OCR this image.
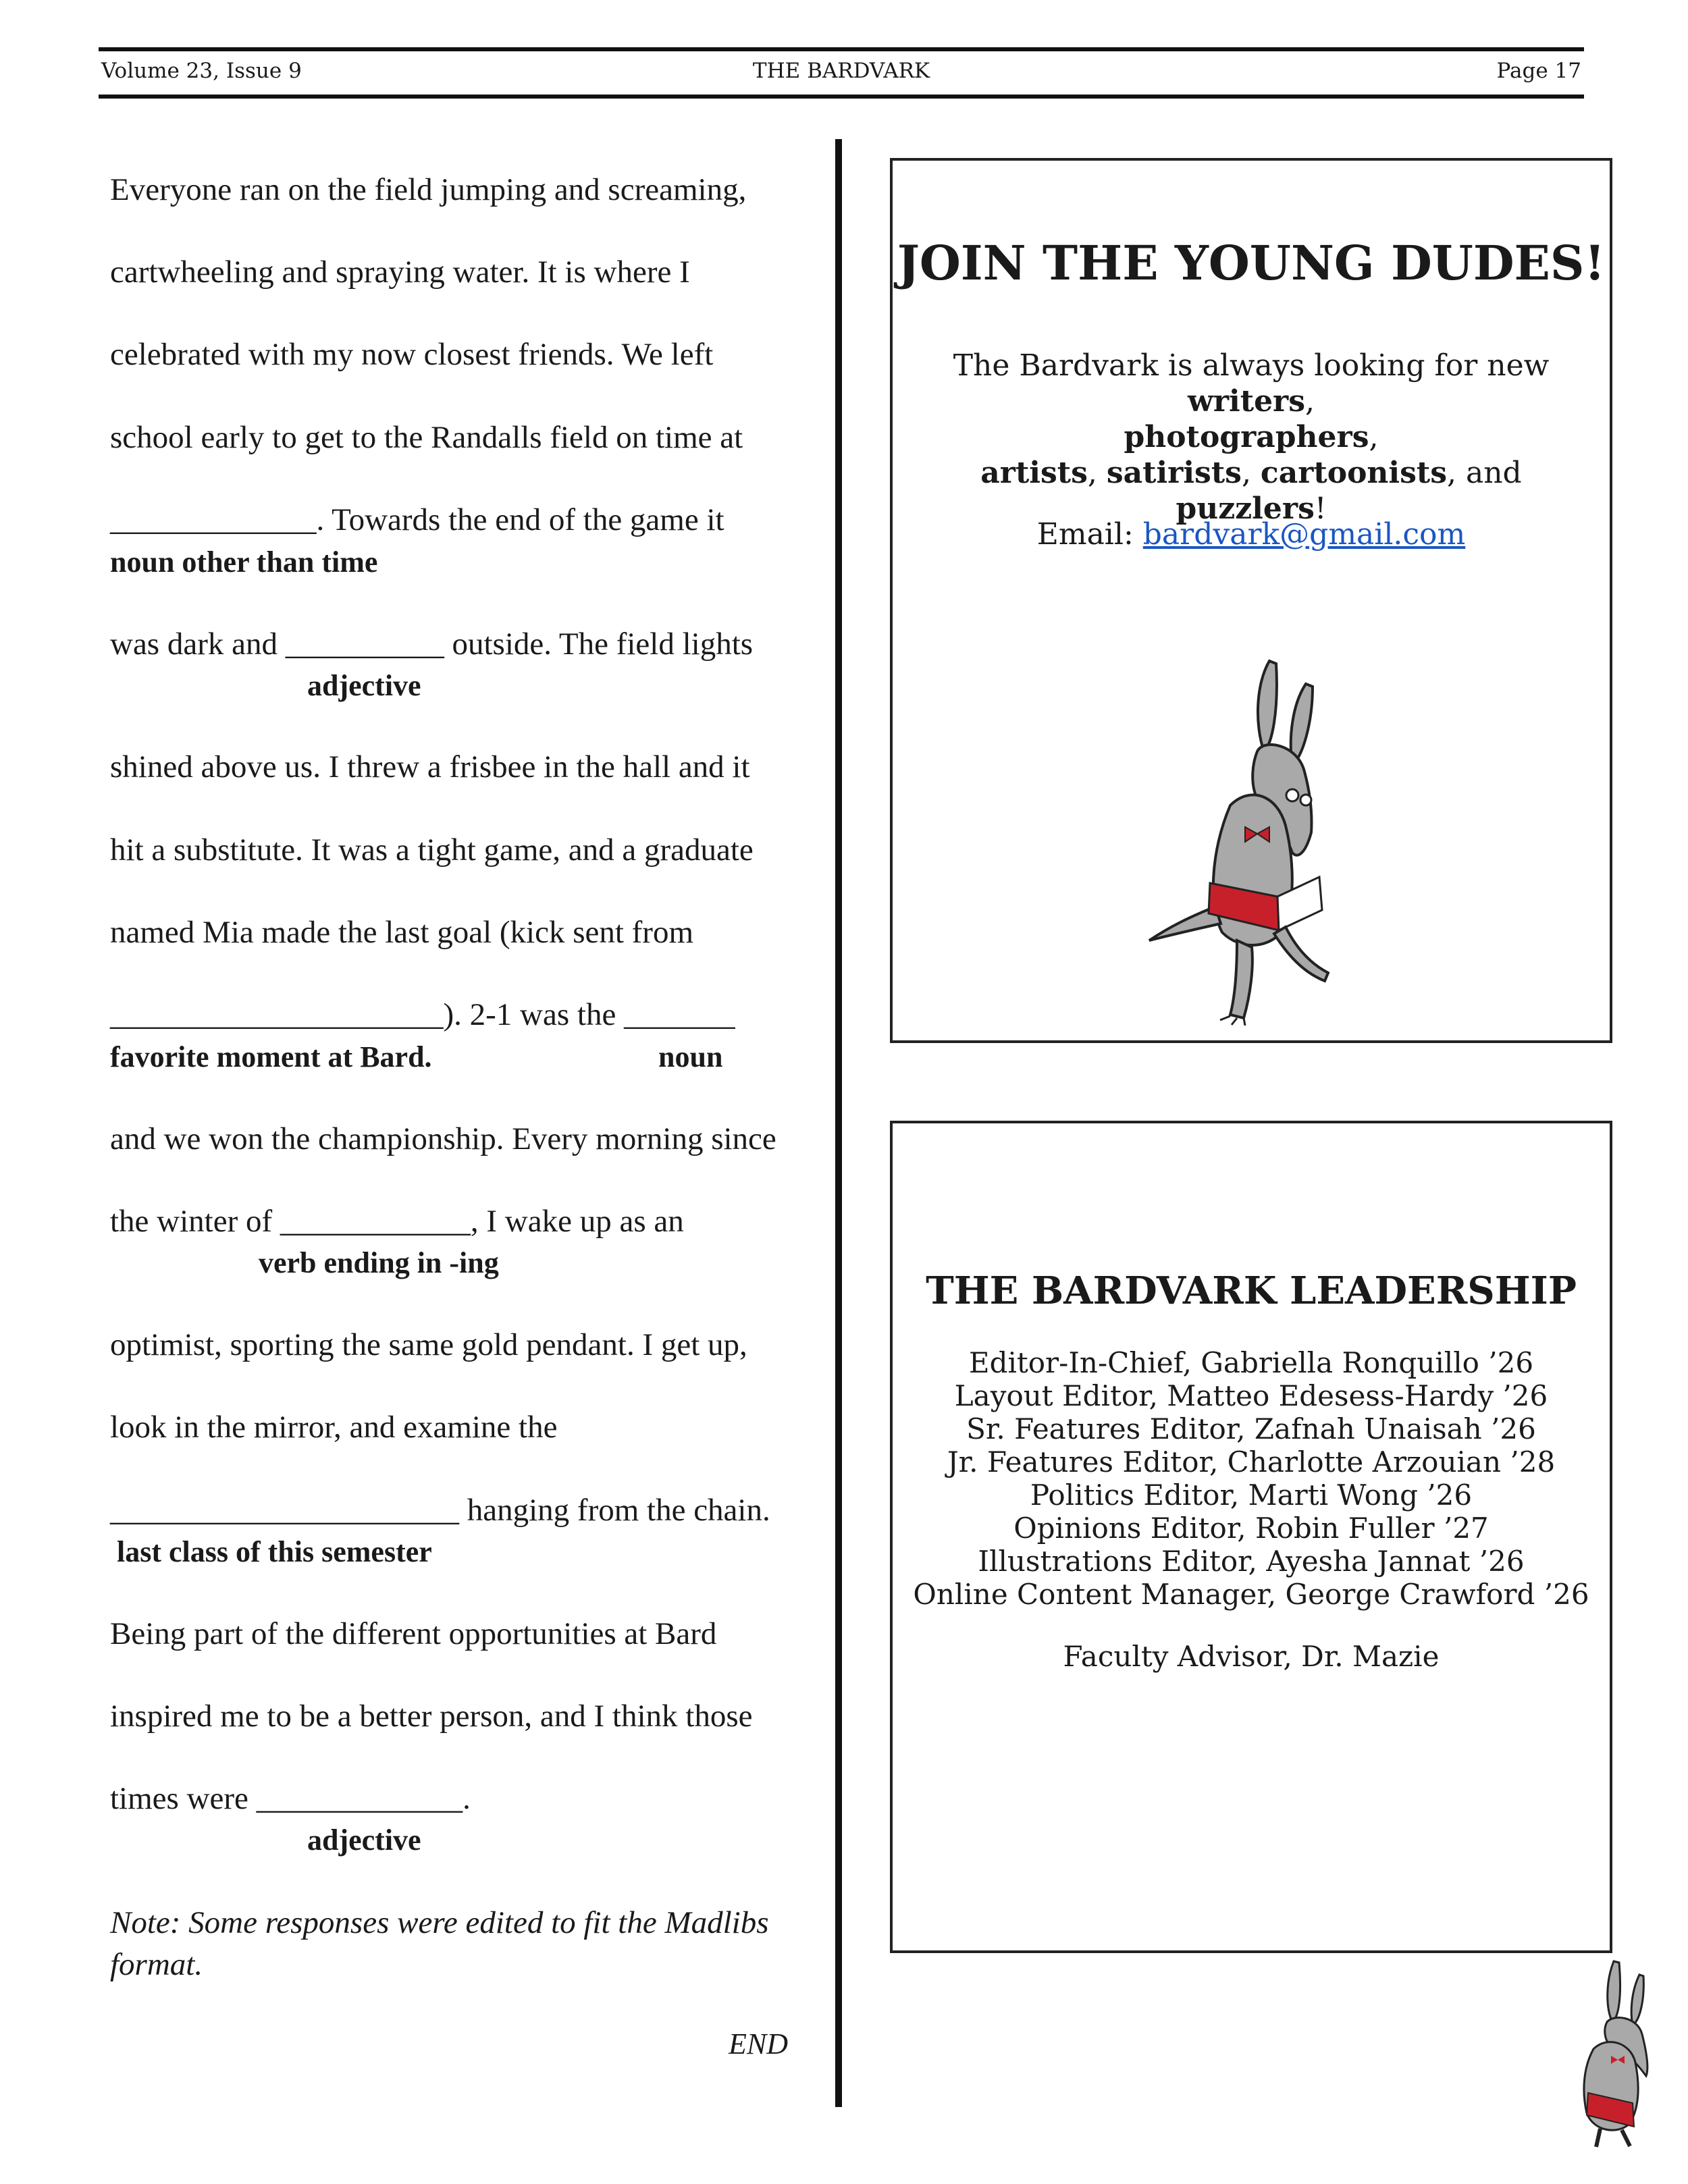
Volume 23, Issue 9	THE BARDVARK	Page 17
Everyone ran on the field jumping and screaming,
cartwheeling and spraying water. It is where I
celebrated with my now closest friends. We left
school early to get to the Randalls field on time at
_____________. Towards the end of the game it
noun other than time
was dark and __________ outside. The field lights
adjective
shined above us. I threw a frisbee in the hall and it
hit a substitute. It was a tight game, and a graduate
named Mia made the last goal (kick sent from
_____________________). 2-1 was the _______
favorite moment at Bard.	noun
and we won the championship. Every morning since
the winter of ____________, I wake up as an
verb ending in -ing
optimist, sporting the same gold pendant. I get up,
look in the mirror, and examine the
______________________ hanging from the chain.
last class of this semester
Being part of the different opportunities at Bard
inspired me to be a better person, and I think those
times were _____________.
adjective
Note: Some responses were edited to fit the Madlibs format.
END
JOIN THE YOUNG DUDES!
The Bardvark is always looking for new writers,
photographers,
artists, satirists, cartoonists, and puzzlers!
Email: bardvark@gmail.com
THE BARDVARK LEADERSHIP
Editor-In-Chief, Gabriella Ronquillo ’26
Layout Editor, Matteo Edesess-Hardy ’26
Sr. Features Editor, Zafnah Unaisah ’26
Jr. Features Editor, Charlotte Arzouian ’28
Politics Editor, Marti Wong ’26
Opinions Editor, Robin Fuller ’27
Illustrations Editor, Ayesha Jannat ’26
Online Content Manager, George Crawford ’26
Faculty Advisor, Dr. Mazie
